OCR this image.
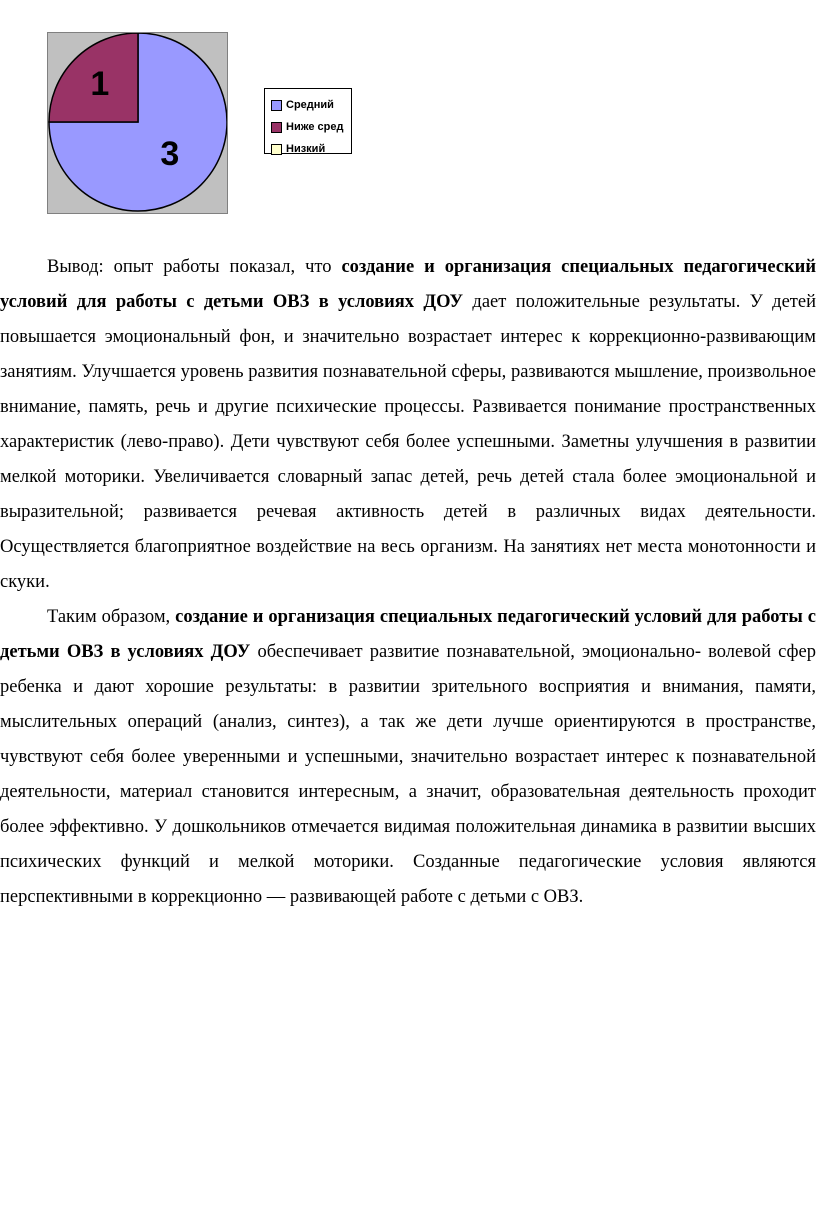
3
1
Средний
Ниже сред
Низкий

Вывод: опыт работы показал, что создание и организация специальных педагогический условий для работы с детьми ОВЗ в условиях ДОУ дает положительные результаты. У детей повышается эмоциональный фон, и значительно возрастает интерес к коррекционно-развивающим занятиям. Улучшается уровень развития познавательной сферы, развиваются мышление, произвольное внимание, память, речь и другие психические процессы. Развивается понимание пространственных характеристик (лево-право). Дети чувствуют себя более успешными. Заметны улучшения в развитии мелкой моторики. Увеличивается словарный запас детей, речь детей стала более эмоциональной и выразительной; развивается речевая активность детей в различных видах деятельности. Осуществляется благоприятное воздействие на весь организм. На занятиях нет места монотонности и скуки.

Таким образом, создание и организация специальных педагогический условий для работы с детьми ОВЗ в условиях ДОУ обеспечивает развитие познавательной, эмоционально- волевой сфер ребенка и дают хорошие результаты: в развитии зрительного восприятия и внимания, памяти, мыслительных операций (анализ, синтез), а так же дети лучше ориентируются в пространстве, чувствуют себя более уверенными и успешными, значительно возрастает интерес к познавательной деятельности, материал становится интересным, а значит, образовательная деятельность проходит более эффективно. У дошкольников отмечается видимая положительная динамика в развитии высших психических функций и мелкой моторики. Созданные педагогические условия являются перспективными в коррекционно — развивающей работе с детьми с ОВЗ.
